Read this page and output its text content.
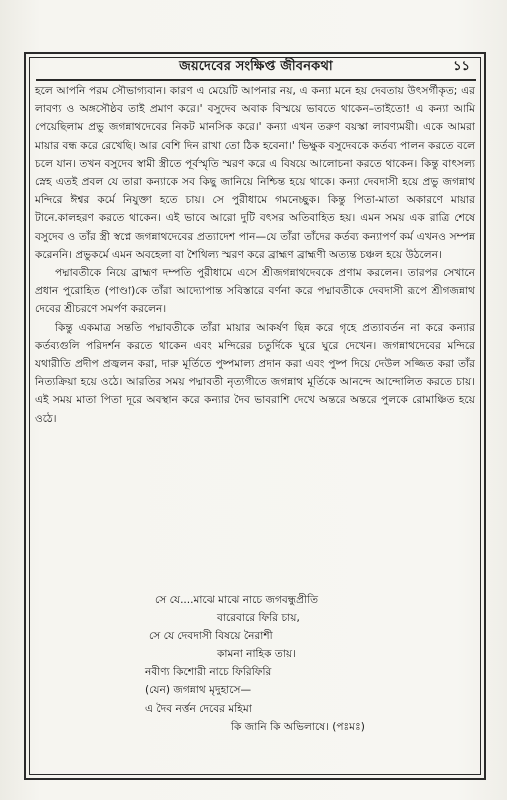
জয়দেবের সংক্ষিপ্ত জীবনকথা	১১

হলে আপনি পরম সৌভাগ্যবান। কারণ এ মেয়েটি আপনার নয়, এ কন্যা মনে হয় দেবতায় উৎসর্গীকৃত; এর লাবণ্য ও অঙ্গসৌষ্ঠব তাই প্রমাণ করে।' বসুদেব অবাক বিস্ময়ে ভাবতে থাকেন–তাইতো! এ কন্যা আমি পেয়েছিলাম প্রভু জগন্নাথদেবের নিকট মানসিক করে।' কন্যা এখন তরুণ বয়স্কা লাবণ্যময়ী। একে আমরা মায়ার বন্ধ করে রেখেছি। আর বেশি দিন রাখা তো ঠিক হবেনা।' ভিক্ষুক বসুদেবকে কর্তব্য পালন করতে বলে চলে যান। তখন বসুদেব স্বামী স্ত্রীতে পূর্বস্মৃতি স্মরণ করে এ বিষয়ে আলোচনা করতে থাকেন। কিন্তু বাৎসল্য স্নেহ এতই প্রবল যে তারা কন্যাকে সব কিছু জানিয়ে নিশ্চিন্ত হয়ে থাকে। কন্যা দেবদাসী হয়ে প্রভু জগন্নাথ মন্দিরে ঈশ্বর কর্মে নিযুক্তা হতে চায়। সে পুরীধামে গমনেচ্ছুক। কিন্তু পিতা-মাতা অকারণে মায়ার টানে.কালহরণ করতে থাকেন। এই ভাবে আরো দুটি বৎসর অতিবাহিত হয়। এমন সময় এক রাত্রি শেষে বসুদেব ও তাঁর স্ত্রী স্বপ্নে জগন্নাথদেবের প্রত্যাদেশ পান—যে তাঁরা তাঁদের কর্তব্য কন্যাপর্ণ কর্ম এখনও সম্পন্ন করেননি। প্রভুকর্মে এমন অবহেলা বা শৈথিল্য স্মরণ করে ব্রাহ্মণ ব্রাহ্মণী অত্যন্ত চঞ্চল হয়ে উঠলেন।

পদ্মাবতীকে নিয়ে ব্রাহ্মণ দম্পতি পুরীধামে এসে শ্রীজগন্নাথদেবকে প্রণাম করলেন। তারপর সেখানে প্রধান পুরোহিত (পাণ্ডা)কে তাঁরা আদ্যোপান্ত সবিস্তারে বর্ণনা করে পদ্মাবতীকে দেবদাসী রূপে শ্রীগজন্নাথ দেবের শ্রীচরণে সমর্পণ করলেন।

কিন্তু একমাত্র সন্ততি পদ্মাবতীকে তাঁরা মায়ার আকর্ষণ ছিন্ন করে গৃহে প্রত্যাবর্তন না করে কন্যার কর্তব্যগুলি পরিদর্শন করতে থাকেন এবং মন্দিরের চতুর্দিকে ঘুরে ঘুরে দেখেন। জগন্নাথদেবের মন্দিরে যথারীতি প্রদীপ প্রজ্বলন করা, দারু মূর্তিতে পুষ্পমাল্য প্রদান করা এবং পুষ্প দিয়ে দেউল সজ্জিত করা তাঁর নিত্যক্রিয়া হয়ে ওঠে। আরতির সময় পদ্মাবতী নৃত্যগীতে জগন্নাথ মূর্তিকে আনন্দে আন্দোলিত করতে চায়। এই সময় মাতা পিতা দূরে অবস্থান করে কন্যার দৈব ভাবরাশি দেখে অন্তরে অন্তরে পুলকে রোমাঞ্চিত হয়ে ওঠে।

সে যে....মাঝে মাঝে নাচে জগবন্ধুপ্রীতি
বারেবারে ফিরি চায়,
সে যে দেবদাসী বিষয়ে নৈরাশী
কামনা নাহিক তায়।
নবীণ্য কিশোরী নাচে ফিরিফিরি
(যেন) জগন্নাথ মৃদুহাসে—
এ দৈব নর্ত্তন দেবের মহিমা
কি জানি কি অভিলাষে। (পঃমঃ)
